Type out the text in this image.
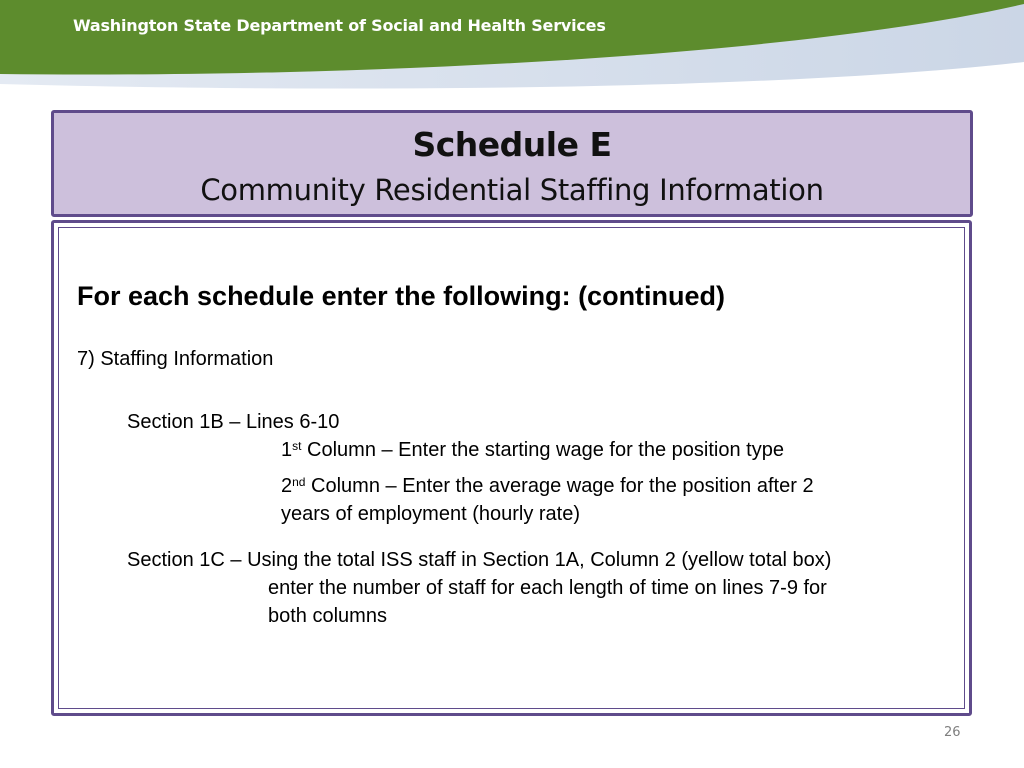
Washington State Department of Social and Health Services
Schedule E
Community Residential Staffing Information
For each schedule enter the following: (continued)
7) Staffing Information
Section 1B – Lines 6-10
1st Column – Enter the starting wage for the position type
2nd Column – Enter the average wage for the position after 2
years of employment (hourly rate)
Section 1C – Using the total ISS staff in Section 1A, Column 2 (yellow total box)
enter the number of staff for each length of time on lines 7-9 for
both columns
26
